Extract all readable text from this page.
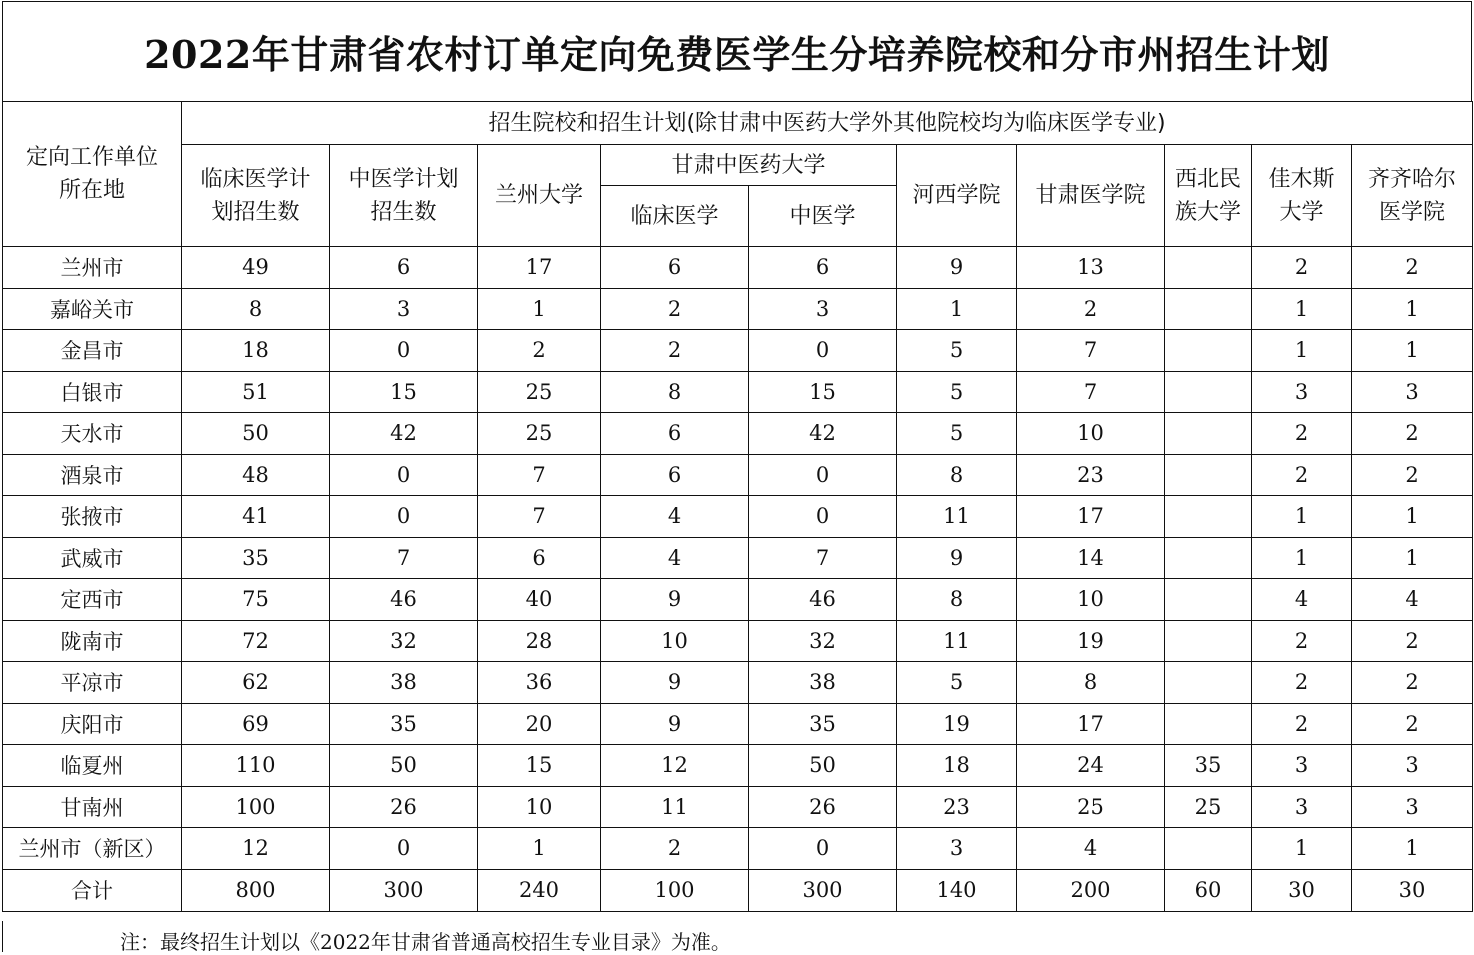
2022年甘肃省农村订单定向免费医学生分培养院校和分市州招生计划
定向工作单位所在地	招生院校和招生计划(除甘肃中医药大学外其他院校均为临床医学专业)									
	临床医学计划招生数	中医学计划招生数	兰州大学	甘肃中医药大学		河西学院	甘肃医学院	西北民族大学	佳木斯大学	齐齐哈尔医学院
				临床医学	中医学					
兰州市	49	6	17	6	6	9	13		2	2
嘉峪关市	8	3	1	2	3	1	2		1	1
金昌市	18	0	2	2	0	5	7		1	1
白银市	51	15	25	8	15	5	7		3	3
天水市	50	42	25	6	42	5	10		2	2
酒泉市	48	0	7	6	0	8	23		2	2
张掖市	41	0	7	4	0	11	17		1	1
武威市	35	7	6	4	7	9	14		1	1
定西市	75	46	40	9	46	8	10		4	4
陇南市	72	32	28	10	32	11	19		2	2
平凉市	62	38	36	9	38	5	8		2	2
庆阳市	69	35	20	9	35	19	17		2	2
临夏州	110	50	15	12	50	18	24	35	3	3
甘南州	100	26	10	11	26	23	25	25	3	3
兰州市（新区）	12	0	1	2	0	3	4		1	1
合计	800	300	240	100	300	140	200	60	30	30
注：最终招生计划以《2022年甘肃省普通高校招生专业目录》为准。
